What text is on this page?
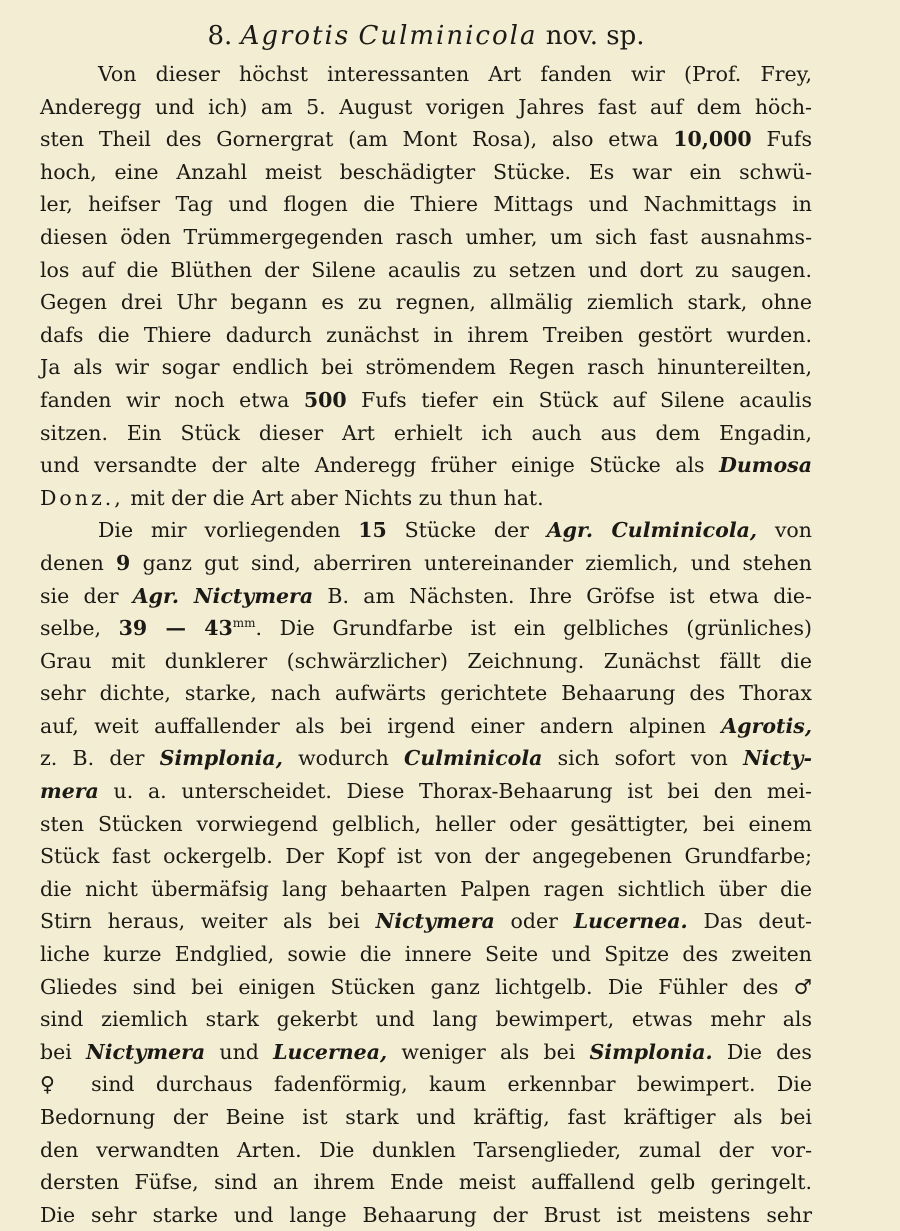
8. Agrotis Culminicola nov. sp.
Von dieser höchst interessanten Art fanden wir (Prof. Frey,
Anderegg und ich) am 5. August vorigen Jahres fast auf dem höch-
sten Theil des Gornergrat (am Mont Rosa), also etwa 10,000 Fufs
hoch, eine Anzahl meist beschädigter Stücke. Es war ein schwü-
ler, heifser Tag und flogen die Thiere Mittags und Nachmittags in
diesen öden Trümmergegenden rasch umher, um sich fast ausnahms-
los auf die Blüthen der Silene acaulis zu setzen und dort zu saugen.
Gegen drei Uhr begann es zu regnen, allmälig ziemlich stark, ohne
dafs die Thiere dadurch zunächst in ihrem Treiben gestört wurden.
Ja als wir sogar endlich bei strömendem Regen rasch hinuntereilten,
fanden wir noch etwa 500 Fufs tiefer ein Stück auf Silene acaulis
sitzen. Ein Stück dieser Art erhielt ich auch aus dem Engadin,
und versandte der alte Anderegg früher einige Stücke als Dumosa
Donz., mit der die Art aber Nichts zu thun hat.
Die mir vorliegenden 15 Stücke der Agr. Culminicola, von
denen 9 ganz gut sind, aberriren untereinander ziemlich, und stehen
sie der Agr. Nictymera B. am Nächsten. Ihre Gröfse ist etwa die-
selbe, 39 — $43^{mm}$. Die Grundfarbe ist ein gelbliches (grünliches)
Grau mit dunklerer (schwärzlicher) Zeichnung. Zunächst fällt die
sehr dichte, starke, nach aufwärts gerichtete Behaarung des Thorax
auf, weit auffallender als bei irgend einer andern alpinen Agrotis,
z. B. der Simplonia, wodurch Culminicola sich sofort von Nicty-
mera u. a. unterscheidet. Diese Thorax-Behaarung ist bei den mei-
sten Stücken vorwiegend gelblich, heller oder gesättigter, bei einem
Stück fast ockergelb. Der Kopf ist von der angegebenen Grundfarbe;
die nicht übermäfsig lang behaarten Palpen ragen sichtlich über die
Stirn heraus, weiter als bei Nictymera oder Lucernea. Das deut-
liche kurze Endglied, sowie die innere Seite und Spitze des zweiten
Gliedes sind bei einigen Stücken ganz lichtgelb. Die Fühler des ♂
sind ziemlich stark gekerbt und lang bewimpert, etwas mehr als
bei Nictymera und Lucernea, weniger als bei Simplonia. Die des
♀ sind durchaus fadenförmig, kaum erkennbar bewimpert. Die
Bedornung der Beine ist stark und kräftig, fast kräftiger als bei
den verwandten Arten. Die dunklen Tarsenglieder, zumal der vor-
dersten Füfse, sind an ihrem Ende meist auffallend gelb geringelt.
Die sehr starke und lange Behaarung der Brust ist meistens sehr
